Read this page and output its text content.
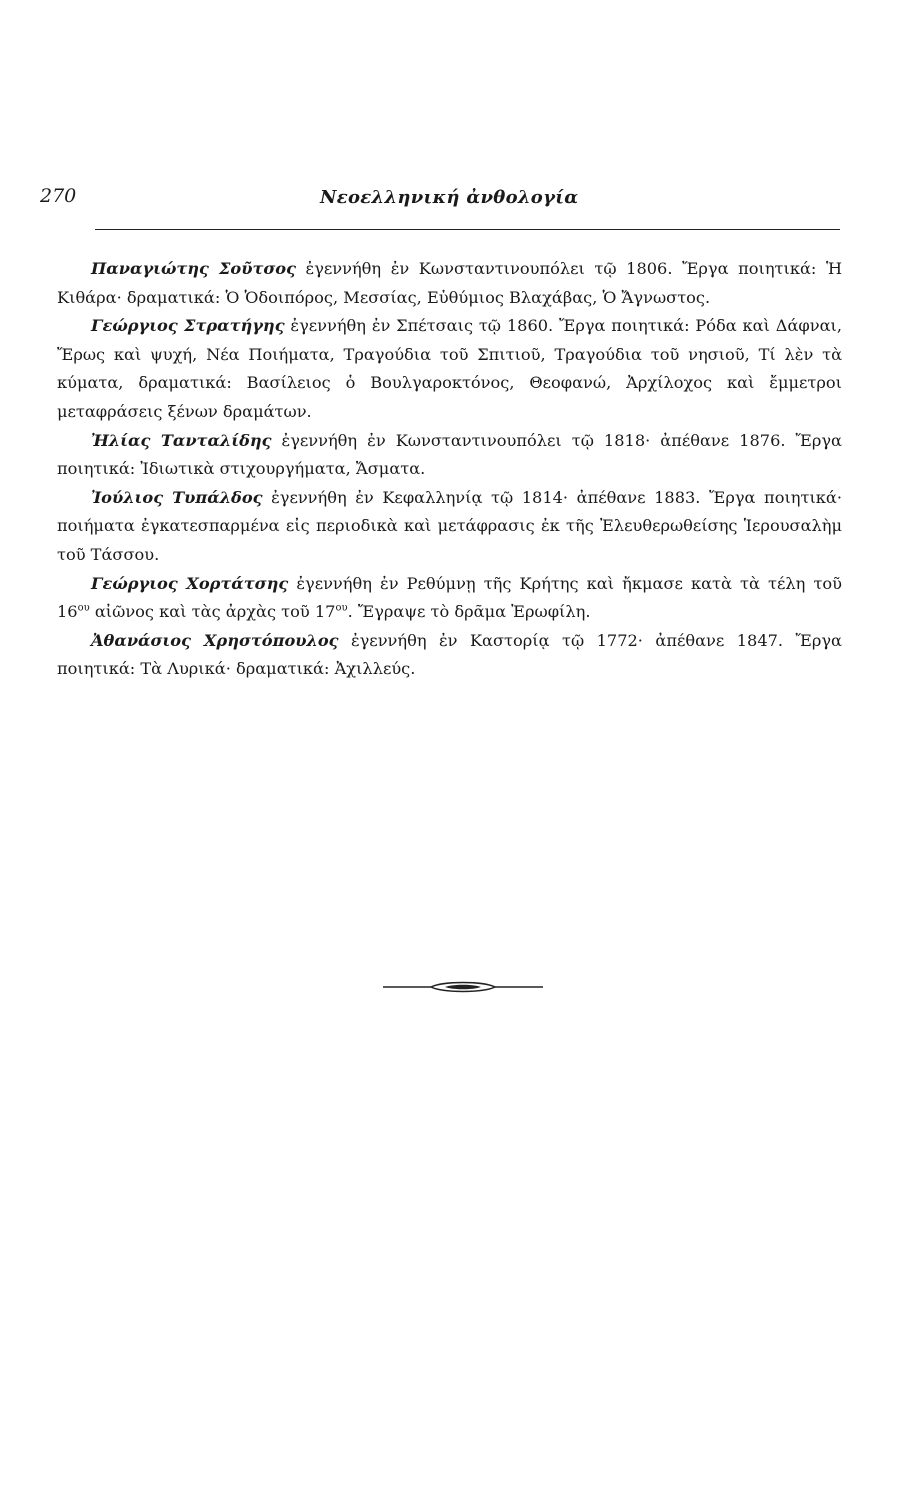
270	Νεοελληνική ἀνθολογία

Παναγιώτης Σοῦτσος ἐγεννήθη ἐν Κωνσταντινουπόλει τῷ 1806. Ἔργα ποιητικά: Ἡ Κιθάρα· δραματικά: Ὁ Ὁδοιπόρος, Μεσσίας, Εὐθύμιος Βλαχάβας, Ὁ Ἄγνωστος.

Γεώργιος Στρατήγης ἐγεννήθη ἐν Σπέτσαις τῷ 1860. Ἔργα ποιητικά: Ρόδα καὶ Δάφναι, Ἔρως καὶ ψυχή, Νέα Ποιήματα, Τραγούδια τοῦ Σπιτιοῦ, Τραγούδια τοῦ νησιοῦ, Τί λὲν τὰ κύματα, δραματικά: Βασίλειος ὁ Βουλγαροκτόνος, Θεοφανώ, Ἀρχίλοχος καὶ ἔμμετροι μεταφράσεις ξένων δραμάτων.

Ἠλίας Τανταλίδης ἐγεννήθη ἐν Κωνσταντινουπόλει τῷ 1818· ἀπέθανε 1876. Ἔργα ποιητικά: Ἰδιωτικὰ στιχουργήματα, Ἄσματα.

Ἰούλιος Τυπάλδος ἐγεννήθη ἐν Κεφαλληνίᾳ τῷ 1814· ἀπέθανε 1883. Ἔργα ποιητικά· ποιήματα ἐγκατεσπαρμένα εἰς περιοδικὰ καὶ μετάφρασις ἐκ τῆς Ἐλευθερωθείσης Ἱερουσαλὴμ τοῦ Τάσσου.

Γεώργιος Χορτάτσης ἐγεννήθη ἐν Ρεθύμνῃ τῆς Κρήτης καὶ ἤκμασε κατὰ τὰ τέλη τοῦ $16^{o\upsilon}$ αἰῶνος καὶ τὰς ἀρχὰς τοῦ $17^{o\upsilon}$. Ἔγραψε τὸ δρᾶμα Ἐρωφίλη.

Ἀθανάσιος Χρηστόπουλος ἐγεννήθη ἐν Καστορίᾳ τῷ 1772· ἀπέθανε 1847. Ἔργα ποιητικά: Τὰ Λυρικά· δραματικά: Ἀχιλλεύς.
